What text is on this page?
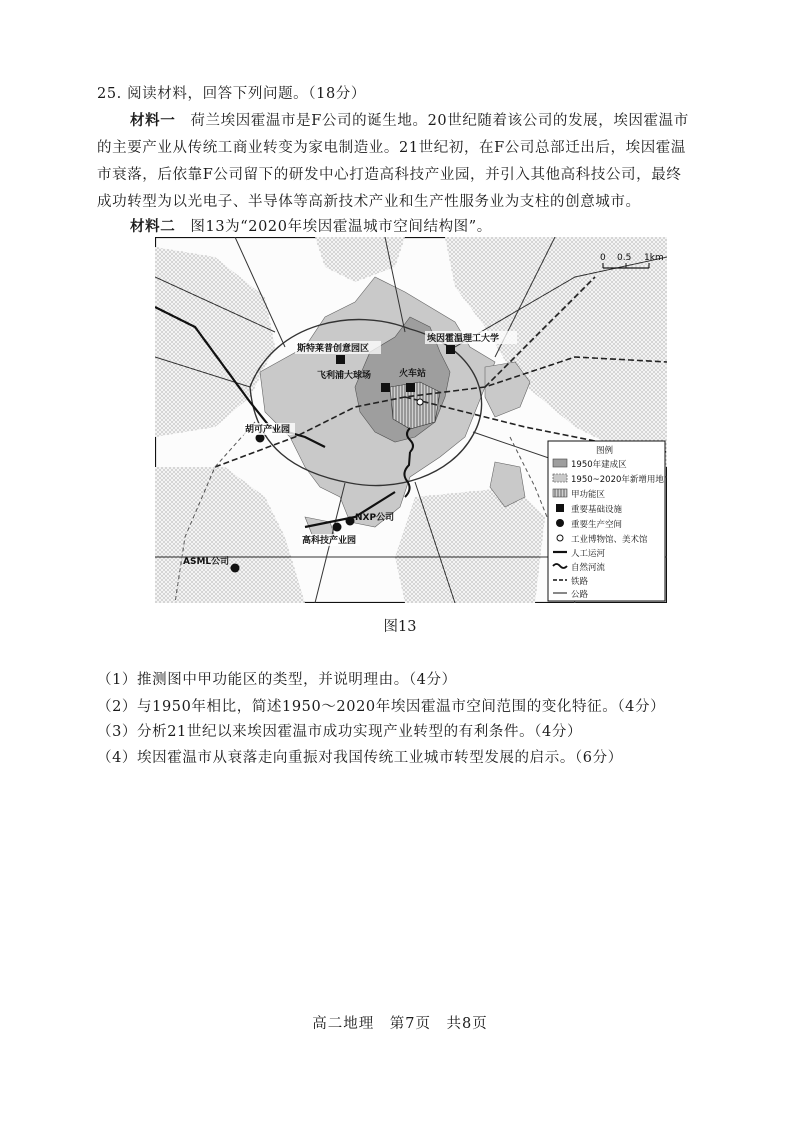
25. 阅读材料，回答下列问题。（18分）
材料一　 荷兰埃因霍温市是F公司的诞生地。20世纪随着该公司的发展，埃因霍温市
的主要产业从传统工商业转变为家电制造业。21世纪初，在F公司总部迁出后，埃因霍温
市衰落，后依靠F公司留下的研发中心打造高科技产业园，并引入其他高科技公司，最终
成功转型为以光电子、半导体等高新技术产业和生产性服务业为支柱的创意城市。
材料二　 图13为“2020年埃因霍温城市空间结构图”。
0 0.5 1km
斯特莱普创意园区
埃因霍温理工大学
飞利浦大球场	火车站
胡可产业园
NXP公司
高科技产业园
ASML公司
图例
1950年建成区
1950~2020年新增用地
甲功能区
重要基础设施
重要生产空间
工业博物馆、美术馆
人工运河
自然河流
铁路
公路
图13
（1）推测图中甲功能区的类型，并说明理由。（4分）
（2）与1950年相比，简述1950～2020年埃因霍温市空间范围的变化特征。（4分）
（3）分析21世纪以来埃因霍温市成功实现产业转型的有利条件。（4分）
（4）埃因霍温市从衰落走向重振对我国传统工业城市转型发展的启示。（6分）
高二地理　第7页　共8页
